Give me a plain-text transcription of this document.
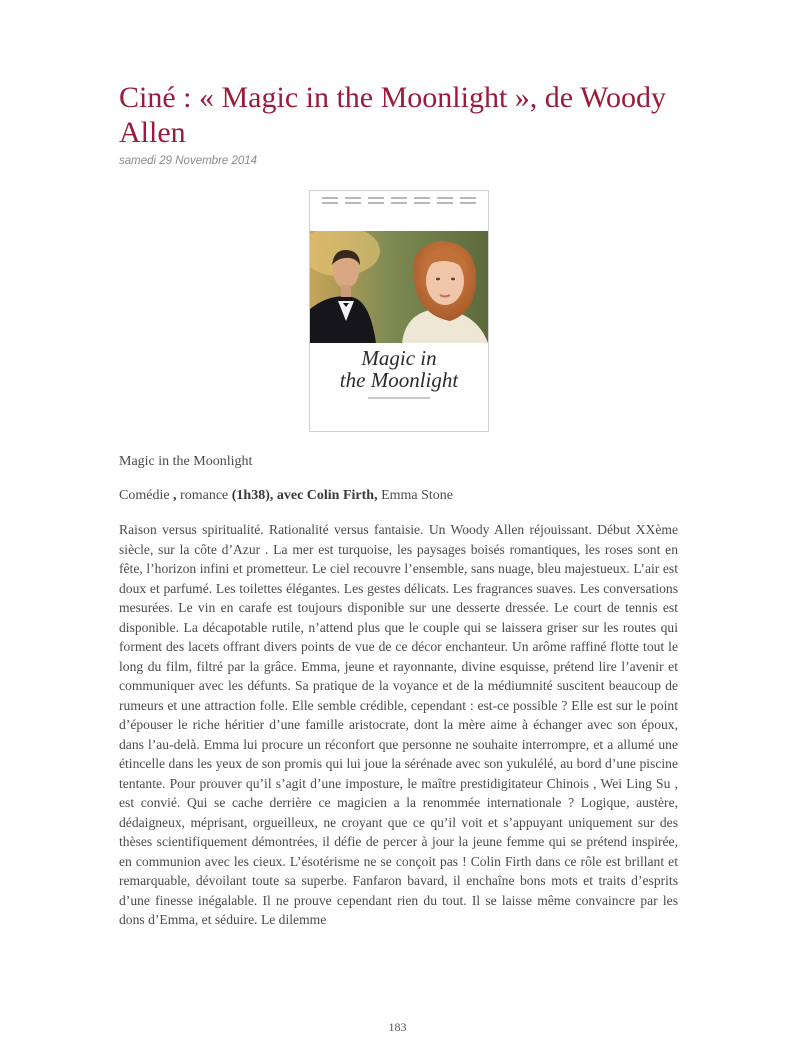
Ciné : « Magic in the Moonlight », de Woody Allen
samedi 29 Novembre 2014
Magic in
the Moonlight
Magic in the Moonlight
Comédie , romance (1h38), avec Colin Firth, Emma Stone

Raison versus spiritualité. Rationalité versus fantaisie. Un Woody Allen réjouissant. Début XXème siècle, sur la côte d’Azur . La mer est turquoise, les paysages boisés romantiques, les roses sont en fête, l’horizon infini et prometteur. Le ciel recouvre l’ensemble, sans nuage, bleu majestueux. L’air est doux et parfumé. Les toilettes élégantes. Les gestes délicats. Les fragrances suaves. Les conversations mesurées. Le vin en carafe est toujours disponible sur une desserte dressée. Le court de tennis est disponible. La décapotable rutile, n’attend plus que le couple qui se laissera griser sur les routes qui forment des lacets offrant divers points de vue de ce décor enchanteur. Un arôme raffiné flotte tout le long du film, filtré par la grâce. Emma, jeune et rayonnante, divine esquisse, prétend lire l’avenir et communiquer avec les défunts. Sa pratique de la voyance et de la médiumnité suscitent beaucoup de rumeurs et une attraction folle. Elle semble crédible, cependant : est-ce possible ? Elle est sur le point d’épouser le riche héritier d’une famille aristocrate, dont la mère aime à échanger avec son époux, dans l’au-delà. Emma lui procure un réconfort que personne ne souhaite interrompre, et a allumé une étincelle dans les yeux de son promis qui lui joue la sérénade avec son yukulélé, au bord d’une piscine tentante. Pour prouver qu’il s’agit d’une imposture, le maître prestidigitateur Chinois , Wei Ling Su , est convié. Qui se cache derrière ce magicien a la renommée internationale ? Logique, austère, dédaigneux, méprisant, orgueilleux, ne croyant que ce qu’il voit et s’appuyant uniquement sur des thèses scientifiquement démontrées, il défie de percer à jour la jeune femme qui se prétend inspirée, en communion avec les cieux. L’ésotérisme ne se conçoit pas ! Colin Firth dans ce rôle est brillant et remarquable, dévoilant toute sa superbe. Fanfaron bavard, il enchaîne bons mots et traits d’esprits d’une finesse inégalable. Il ne prouve cependant rien du tout. Il se laisse même convaincre par les dons d’Emma, et séduire. Le dilemme

183
